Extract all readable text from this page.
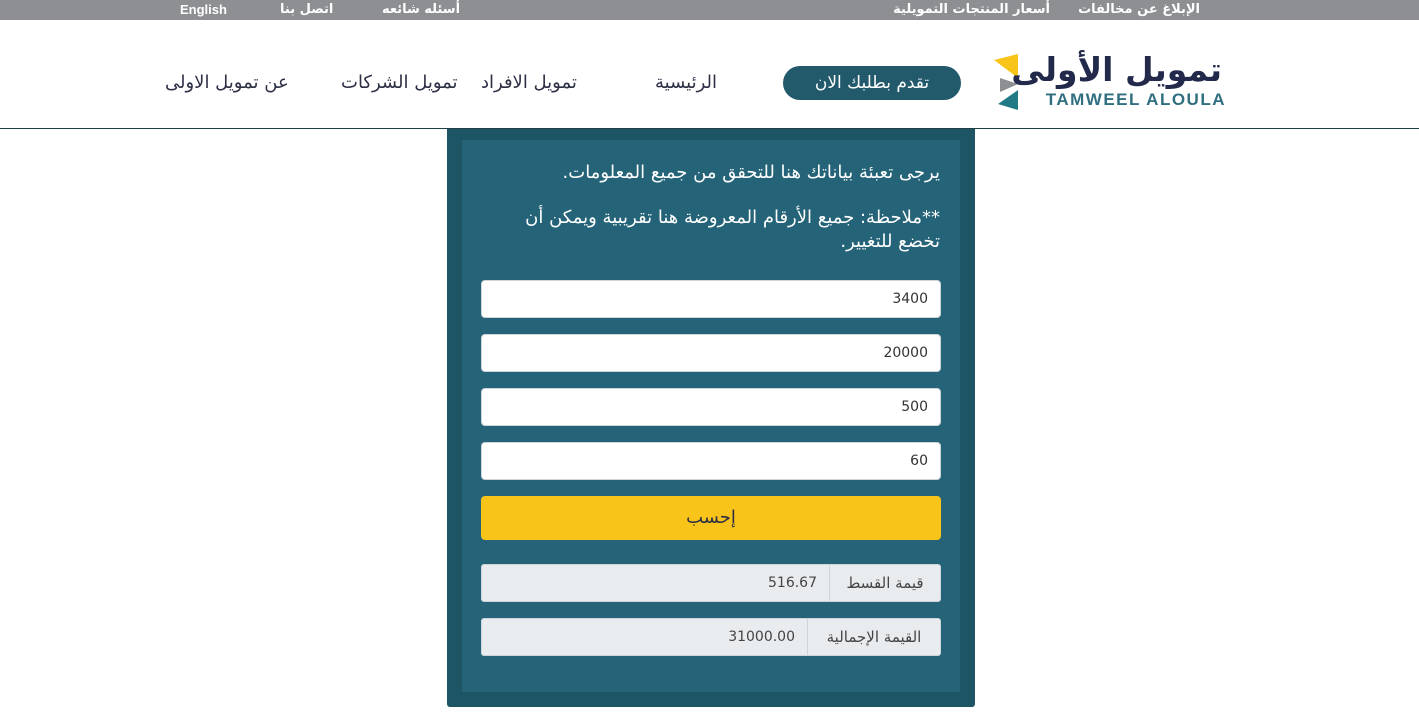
الإبلاغ عن مخالفات
أسعار المنتجات التمويلية
أسئله شائعه
اتصل بنا
English
عن تمويل الاولى	تمويل الشركات تمويل الافراد	الرئيسية	تقدم بطلبك الان	تمويل الأولى
TAMWEEL ALOULA
يرجى تعبئة بياناتك هنا للتحقق من جميع المعلومات.
**ملاحظة: جميع الأرقام المعروضة هنا تقريبية ويمكن أن تخضع للتغيير.
3400
20000
500
60
إحسب
516.67	قيمة القسط
31000.00	القيمة الإجمالية
